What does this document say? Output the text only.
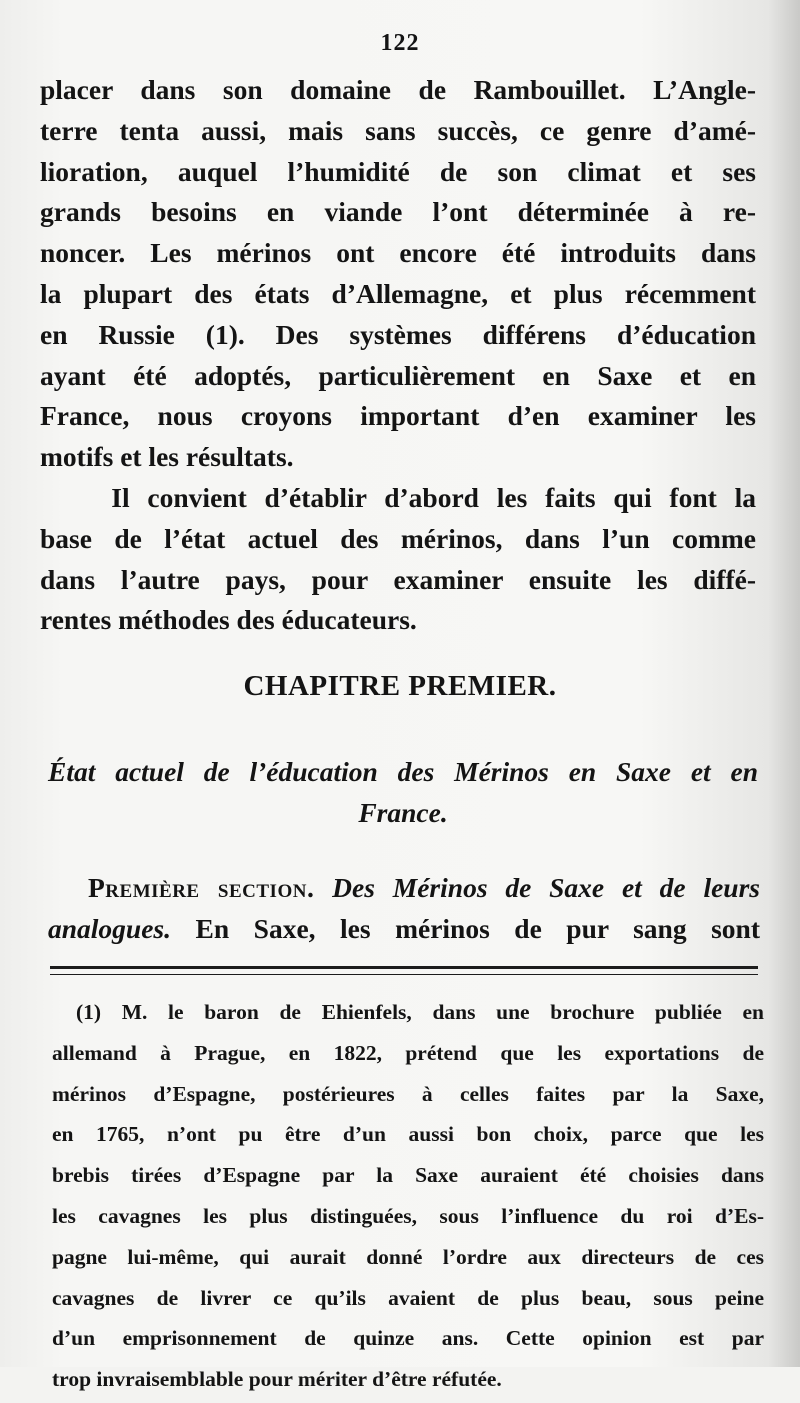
122
placer dans son domaine de Rambouillet. L’Angle-
terre tenta aussi, mais sans succès, ce genre d’amé-
lioration, auquel l’humidité de son climat et ses
grands besoins en viande l’ont déterminée à re-
noncer. Les mérinos ont encore été introduits dans
la plupart des états d’Allemagne, et plus récemment
en Russie (1). Des systèmes différens d’éducation
ayant été adoptés, particulièrement en Saxe et en
France, nous croyons important d’en examiner les
motifs et les résultats.
Il convient d’établir d’abord les faits qui font la
base de l’état actuel des mérinos, dans l’un comme
dans l’autre pays, pour examiner ensuite les diffé-
rentes méthodes des éducateurs.
CHAPITRE PREMIER.
État actuel de l’éducation des Mérinos en Saxe et en
France.
Première section. Des Mérinos de Saxe et de leurs
analogues. En Saxe, les mérinos de pur sang sont
(1) M. le baron de Ehienfels, dans une brochure publiée en
allemand à Prague, en 1822, prétend que les exportations de
mérinos d’Espagne, postérieures à celles faites par la Saxe,
en 1765, n’ont pu être d’un aussi bon choix, parce que les
brebis tirées d’Espagne par la Saxe auraient été choisies dans
les cavagnes les plus distinguées, sous l’influence du roi d’Es-
pagne lui-même, qui aurait donné l’ordre aux directeurs de ces
cavagnes de livrer ce qu’ils avaient de plus beau, sous peine
d’un emprisonnement de quinze ans. Cette opinion est par
trop invraisemblable pour mériter d’être réfutée.
